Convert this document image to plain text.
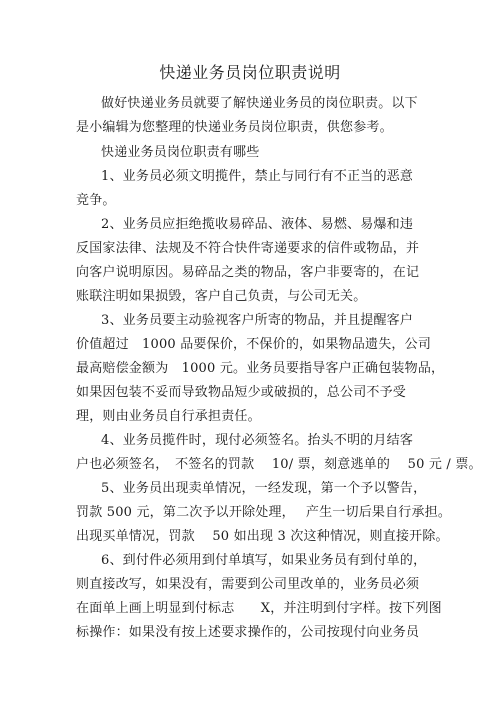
快递业务员岗位职责说明
做好快递业务员就要了解快递业务员的岗位职责。以下
是小编辑为您整理的快递业务员岗位职责，供您参考。
快递业务员岗位职责有哪些
1、业务员必须文明揽件，禁止与同行有不正当的恶意
竞争。
2、业务员应拒绝揽收易碎品、液体、易燃、易爆和违
反国家法律、法规及不符合快件寄递要求的信件或物品，并
向客户说明原因。易碎品之类的物品，客户非要寄的，在记
账联注明如果损毁，客户自己负责，与公司无关。
3、业务员要主动验视客户所寄的物品，并且提醒客户
价值超过　1000 品要保价，不保价的，如果物品遗失，公司
最高赔偿金额为　1000 元。业务员要指导客户正确包装物品，
如果因包装不妥而导致物品短少或破损的，总公司不予受
理，则由业务员自行承担责任。
4、业务员揽件时，现付必须签名。抬头不明的月结客
户也必须签名，　不签名的罚款　 10/ 票，刻意逃单的　 50 元 / 票。
5、业务员出现卖单情况，一经发现，第一个予以警告，
罚款 500 元，第二次予以开除处理，　 产生一切后果自行承担。
出现买单情况，罚款　 50 如出现 3 次这种情况，则直接开除。
6、到付件必须用到付单填写，如果业务员有到付单的，
则直接改写，如果没有，需要到公司里改单的，业务员必须
在面单上画上明显到付标志　　X，并注明到付字样。按下列图
标操作：如果没有按上述要求操作的，公司按现付向业务员
